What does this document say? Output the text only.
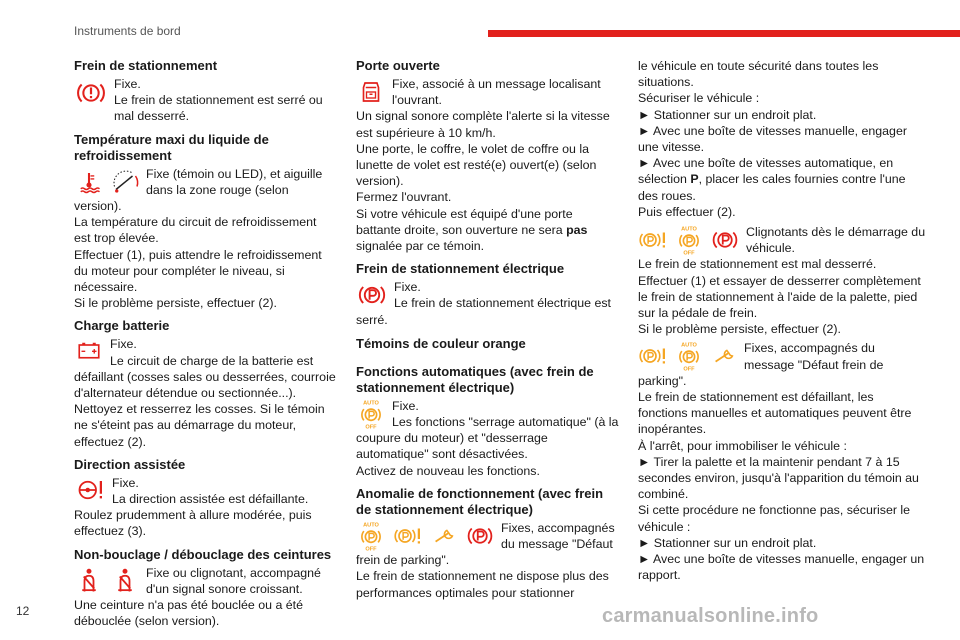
Instruments de bord
Frein de stationnement

Fixe.

Le frein de stationnement est serré ou mal desserré.

Température maxi du liquide de refroidissement

Fixe (témoin ou LED), et aiguille dans la zone rouge (selon version).

La température du circuit de refroidissement est trop élevée.

Effectuer (1), puis attendre le refroidissement du moteur pour compléter le niveau, si nécessaire.

Si le problème persiste, effectuer (2).

Charge batterie

Fixe.

Le circuit de charge de la batterie est défaillant (cosses sales ou desserrées, courroie d'alternateur détendue ou sectionnée...).

Nettoyez et resserrez les cosses. Si le témoin ne s'éteint pas au démarrage du moteur, effectuez (2).

Direction assistée

Fixe.

La direction assistée est défaillante.

Roulez prudemment à allure modérée, puis effectuez (3).

Non-bouclage / débouclage des ceintures

Fixe ou clignotant, accompagné d'un signal sonore croissant.

Une ceinture n'a pas été bouclée ou a été débouclée (selon version).

Porte ouverte

Fixe, associé à un message localisant l'ouvrant.

Un signal sonore complète l'alerte si la vitesse est supérieure à 10 km/h.

Une porte, le coffre, le volet de coffre ou la lunette de volet est resté(e) ouvert(e) (selon version).

Fermez l'ouvrant.

Si votre véhicule est équipé d'une porte battante droite, son ouverture ne sera pas signalée par ce témoin.

Frein de stationnement électrique

Fixe.

Le frein de stationnement électrique est serré.

Témoins de couleur orange
Fonctions automatiques (avec frein de stationnement électrique)

Fixe.

Les fonctions "serrage automatique" (à la coupure du moteur) et "desserrage automatique" sont désactivées.

Activez de nouveau les fonctions.

Anomalie de fonctionnement (avec frein de stationnement électrique)

Fixes, accompagnés du message "Défaut frein de parking".

Le frein de stationnement ne dispose plus des performances optimales pour stationner

le véhicule en toute sécurité dans toutes les situations.

Sécuriser le véhicule :

► Stationner sur un endroit plat.

► Avec une boîte de vitesses manuelle, engager une vitesse.

► Avec une boîte de vitesses automatique, en sélection P, placer les cales fournies contre l'une des roues.

Puis effectuer (2).

Clignotants dès le démarrage du véhicule.

Le frein de stationnement est mal desserré.

Effectuer (1) et essayer de desserrer complètement le frein de stationnement à l'aide de la palette, pied sur la pédale de frein.

Si le problème persiste, effectuer (2).

Fixes, accompagnés du message "Défaut frein de parking".

Le frein de stationnement est défaillant, les fonctions manuelles et automatiques peuvent être inopérantes.

À l'arrêt, pour immobiliser le véhicule :

► Tirer la palette et la maintenir pendant 7 à 15 secondes environ, jusqu'à l'apparition du témoin au combiné.

Si cette procédure ne fonctionne pas, sécuriser le véhicule :

► Stationner sur un endroit plat.

► Avec une boîte de vitesses manuelle, engager un rapport.

12	carmanualsonline.info
